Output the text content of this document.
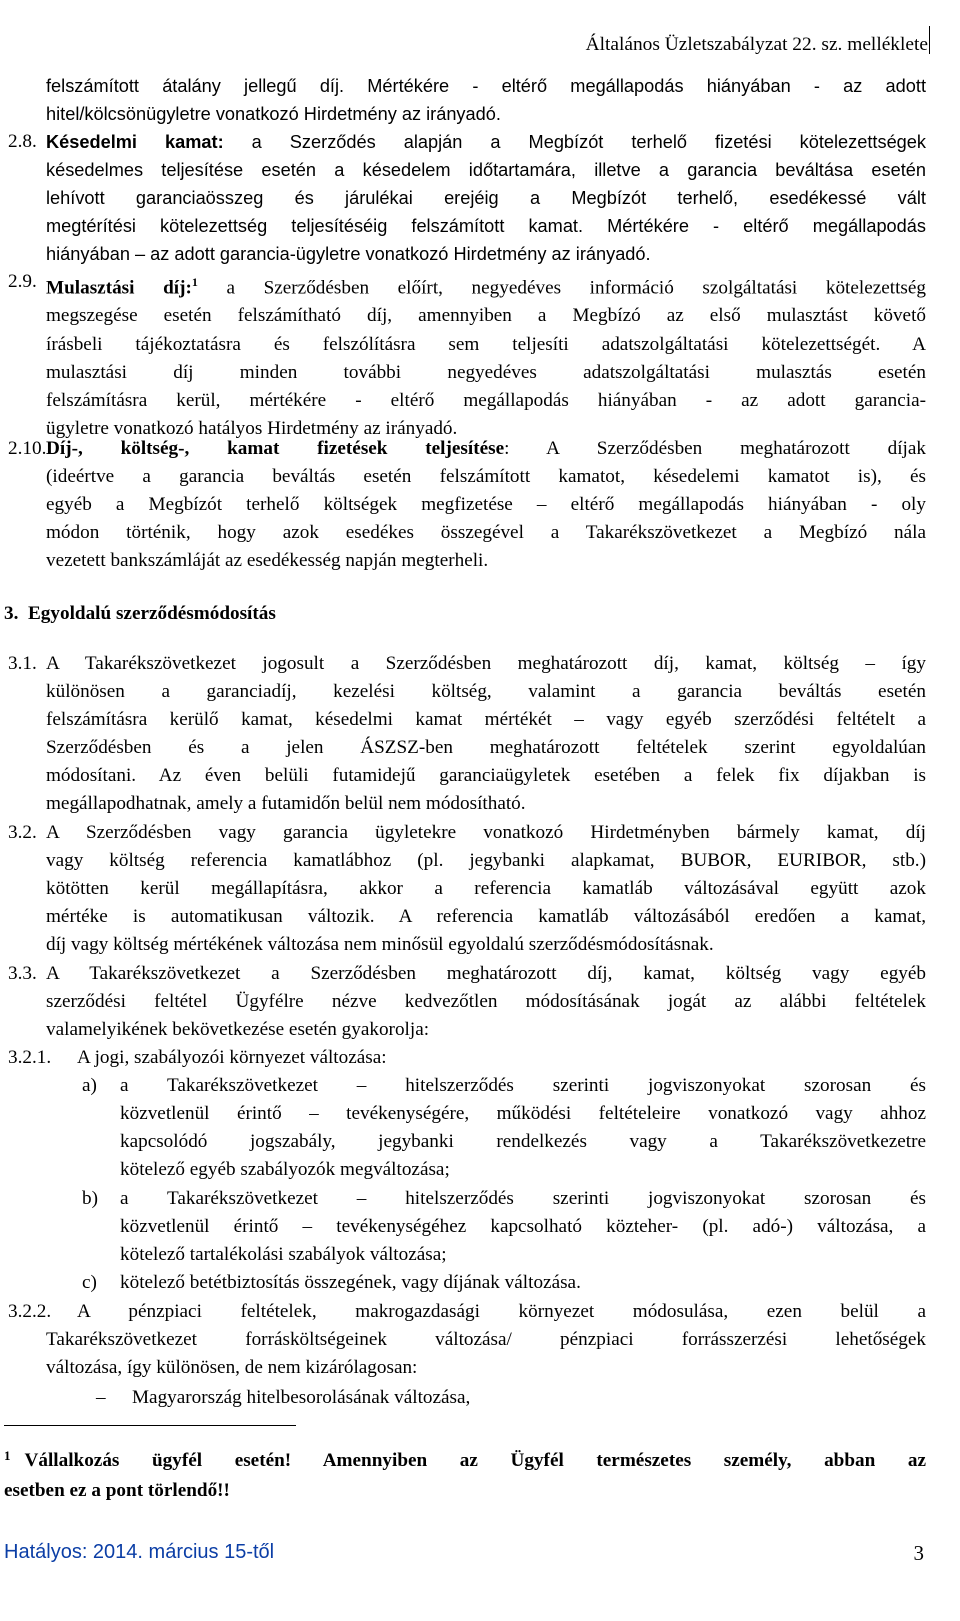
Általános Üzletszabályzat 22. sz. melléklete
felszámított átalány jellegű díj. Mértékére - eltérő megállapodás hiányában - az adott
hitel/kölcsönügyletre vonatkozó Hirdetmény az irányadó.
2.8. Késedelmi kamat: a Szerződés alapján a Megbízót terhelő fizetési kötelezettségek
késedelmes teljesítése esetén a késedelem időtartamára, illetve a garancia beváltása esetén
lehívott garanciaösszeg és járulékai erejéig a Megbízót terhelő, esedékessé vált
megtérítési kötelezettség teljesítéséig felszámított kamat. Mértékére - eltérő megállapodás
hiányában – az adott garancia-ügyletre vonatkozó Hirdetmény az irányadó.
2.9. Mulasztási díj:$^1$ a Szerződésben előírt, negyedéves információ szolgáltatási kötelezettség
megszegése esetén felszámítható díj, amennyiben a Megbízó az első mulasztást követő
írásbeli tájékoztatásra és felszólításra sem teljesíti adatszolgáltatási kötelezettségét. A
mulasztási díj minden további negyedéves adatszolgáltatási mulasztás esetén
felszámításra kerül, mértékére - eltérő megállapodás hiányában - az adott garancia-
ügyletre vonatkozó hatályos Hirdetmény az irányadó.
2.10. Díj-, költség-, kamat fizetések teljesítése: A Szerződésben meghatározott díjak
(ideértve a garancia beváltás esetén felszámított kamatot, késedelemi kamatot is), és
egyéb a Megbízót terhelő költségek megfizetése – eltérő megállapodás hiányában - oly
módon történik, hogy azok esedékes összegével a Takarékszövetkezet a Megbízó nála
vezetett bankszámláját az esedékesség napján megterheli.
3. Egyoldalú szerződésmódosítás
3.1. A Takarékszövetkezet jogosult a Szerződésben meghatározott díj, kamat, költség – így
különösen a garanciadíj, kezelési költség, valamint a garancia beváltás esetén
felszámításra kerülő kamat, késedelmi kamat mértékét – vagy egyéb szerződési feltételt a
Szerződésben és a jelen ÁSZSZ-ben meghatározott feltételek szerint egyoldalúan
módosítani. Az éven belüli futamidejű garanciaügyletek esetében a felek fix díjakban is
megállapodhatnak, amely a futamidőn belül nem módosítható.
3.2. A Szerződésben vagy garancia ügyletekre vonatkozó Hirdetményben bármely kamat, díj
vagy költség referencia kamatlábhoz (pl. jegybanki alapkamat, BUBOR, EURIBOR, stb.)
kötötten kerül megállapításra, akkor a referencia kamatláb változásával együtt azok
mértéke is automatikusan változik. A referencia kamatláb változásából eredően a kamat,
díj vagy költség mértékének változása nem minősül egyoldalú szerződésmódosításnak.
3.3. A Takarékszövetkezet a Szerződésben meghatározott díj, kamat, költség vagy egyéb
szerződési feltétel Ügyfélre nézve kedvezőtlen módosításának jogát az alábbi feltételek
valamelyikének bekövetkezése esetén gyakorolja:
3.2.1.	A jogi, szabályozói környezet változása:
a)	a Takarékszövetkezet – hitelszerződés szerinti jogviszonyokat szorosan és
közvetlenül érintő – tevékenységére, működési feltételeire vonatkozó vagy ahhoz
kapcsolódó jogszabály, jegybanki rendelkezés vagy a Takarékszövetkezetre
kötelező egyéb szabályozók megváltozása;
b)	a Takarékszövetkezet – hitelszerződés szerinti jogviszonyokat szorosan és
közvetlenül érintő – tevékenységéhez kapcsolható közteher- (pl. adó-) változása, a
kötelező tartalékolási szabályok változása;
c)	kötelező betétbiztosítás összegének, vagy díjának változása.
3.2.2.	A pénzpiaci feltételek, makrogazdasági környezet módosulása, ezen belül a
Takarékszövetkezet forrásköltségeinek változása/ pénzpiaci forrásszerzési lehetőségek
változása, így különösen, de nem kizárólagosan:
–	Magyarország hitelbesorolásának változása,
$^1$ Vállalkozás ügyfél esetén! Amennyiben az Ügyfél természetes személy, abban az
esetben ez a pont törlendő!!
Hatályos: 2014. március 15-től	3
